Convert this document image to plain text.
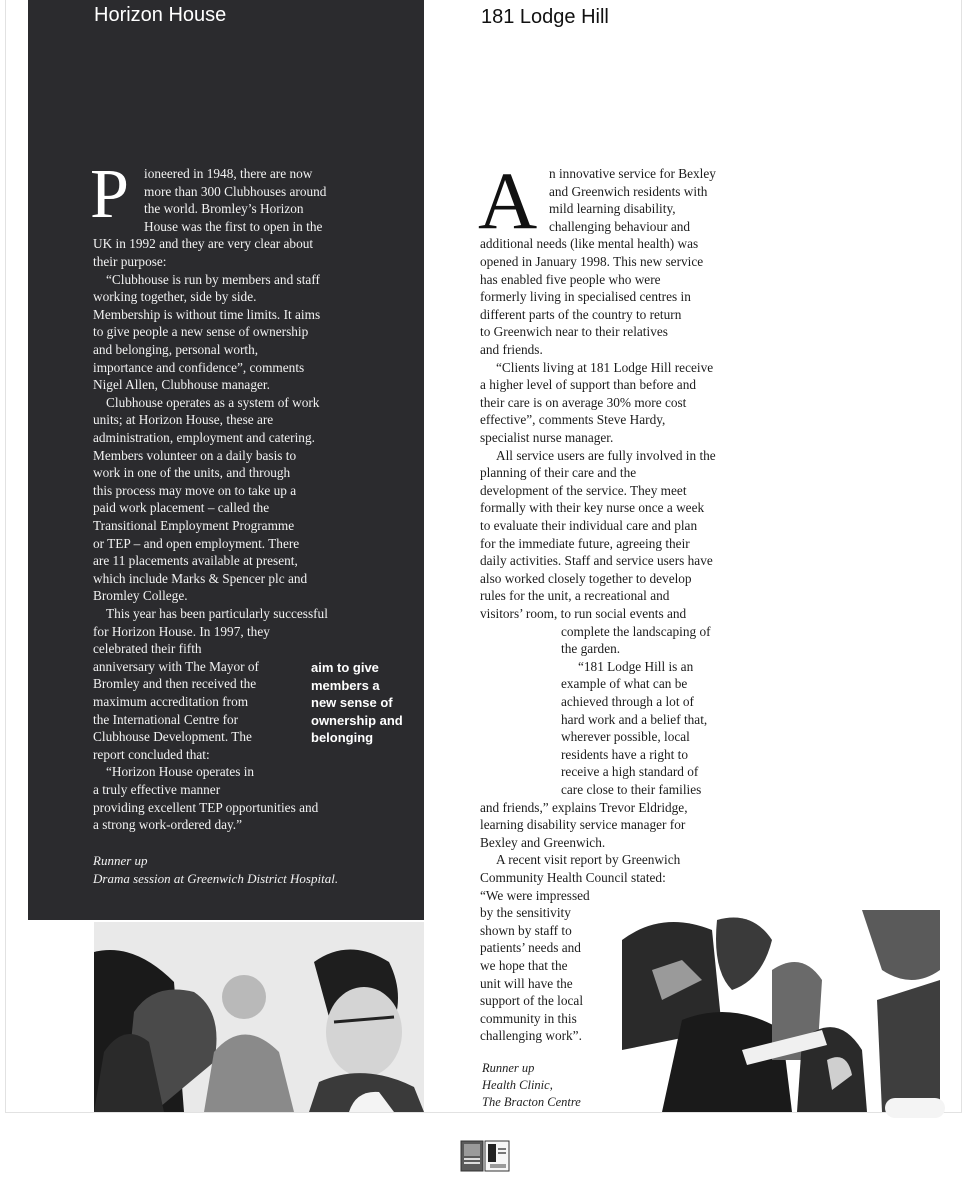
Horizon House
P ioneered in 1948, there are now
more than 300 Clubhouses around
the world. Bromley’s Horizon
House was the first to open in the
UK in 1992 and they are very clear about
their purpose:
“Clubhouse is run by members and staff
working together, side by side.
Membership is without time limits. It aims
to give people a new sense of ownership
and belonging, personal worth,
importance and confidence”, comments
Nigel Allen, Clubhouse manager.
Clubhouse operates as a system of work
units; at Horizon House, these are
administration, employment and catering.
Members volunteer on a daily basis to
work in one of the units, and through
this process may move on to take up a
paid work placement – called the
Transitional Employment Programme
or TEP – and open employment. There
are 11 placements available at present,
which include Marks & Spencer plc and
Bromley College.
This year has been particularly successful
for Horizon House. In 1997, they
celebrated their fifth
anniversary with The Mayor of
Bromley and then received the
maximum accreditation from
the International Centre for
Clubhouse Development. The
report concluded that:
“Horizon House operates in
a truly effective manner
providing excellent TEP opportunities and
a strong work-ordered day.”
aim to give
members a
new sense of
ownership and
belonging
Runner up
Drama session at Greenwich District Hospital.
181 Lodge Hill
A n innovative service for Bexley
and Greenwich residents with
mild learning disability,
challenging behaviour and
additional needs (like mental health) was
opened in January 1998. This new service
has enabled five people who were
formerly living in specialised centres in
different parts of the country to return
to Greenwich near to their relatives
and friends.
“Clients living at 181 Lodge Hill receive
a higher level of support than before and
their care is on average 30% more cost
effective”, comments Steve Hardy,
specialist nurse manager.
All service users are fully involved in the
planning of their care and the
development of the service. They meet
formally with their key nurse once a week
to evaluate their individual care and plan
for the immediate future, agreeing their
daily activities. Staff and service users have
also worked closely together to develop
rules for the unit, a recreational and
visitors’ room, to run social events and
complete the landscaping of
the garden.
“181 Lodge Hill is an
example of what can be
achieved through a lot of
hard work and a belief that,
wherever possible, local
residents have a right to
receive a high standard of
care close to their families
and friends,” explains Trevor Eldridge,
learning disability service manager for
Bexley and Greenwich.
A recent visit report by Greenwich
Community Health Council stated:
“We were impressed
by the sensitivity
shown by staff to
patients’ needs and
we hope that the
unit will have the
support of the local
community in this
challenging work”.
Runner up
Health Clinic,
The Bracton Centre
